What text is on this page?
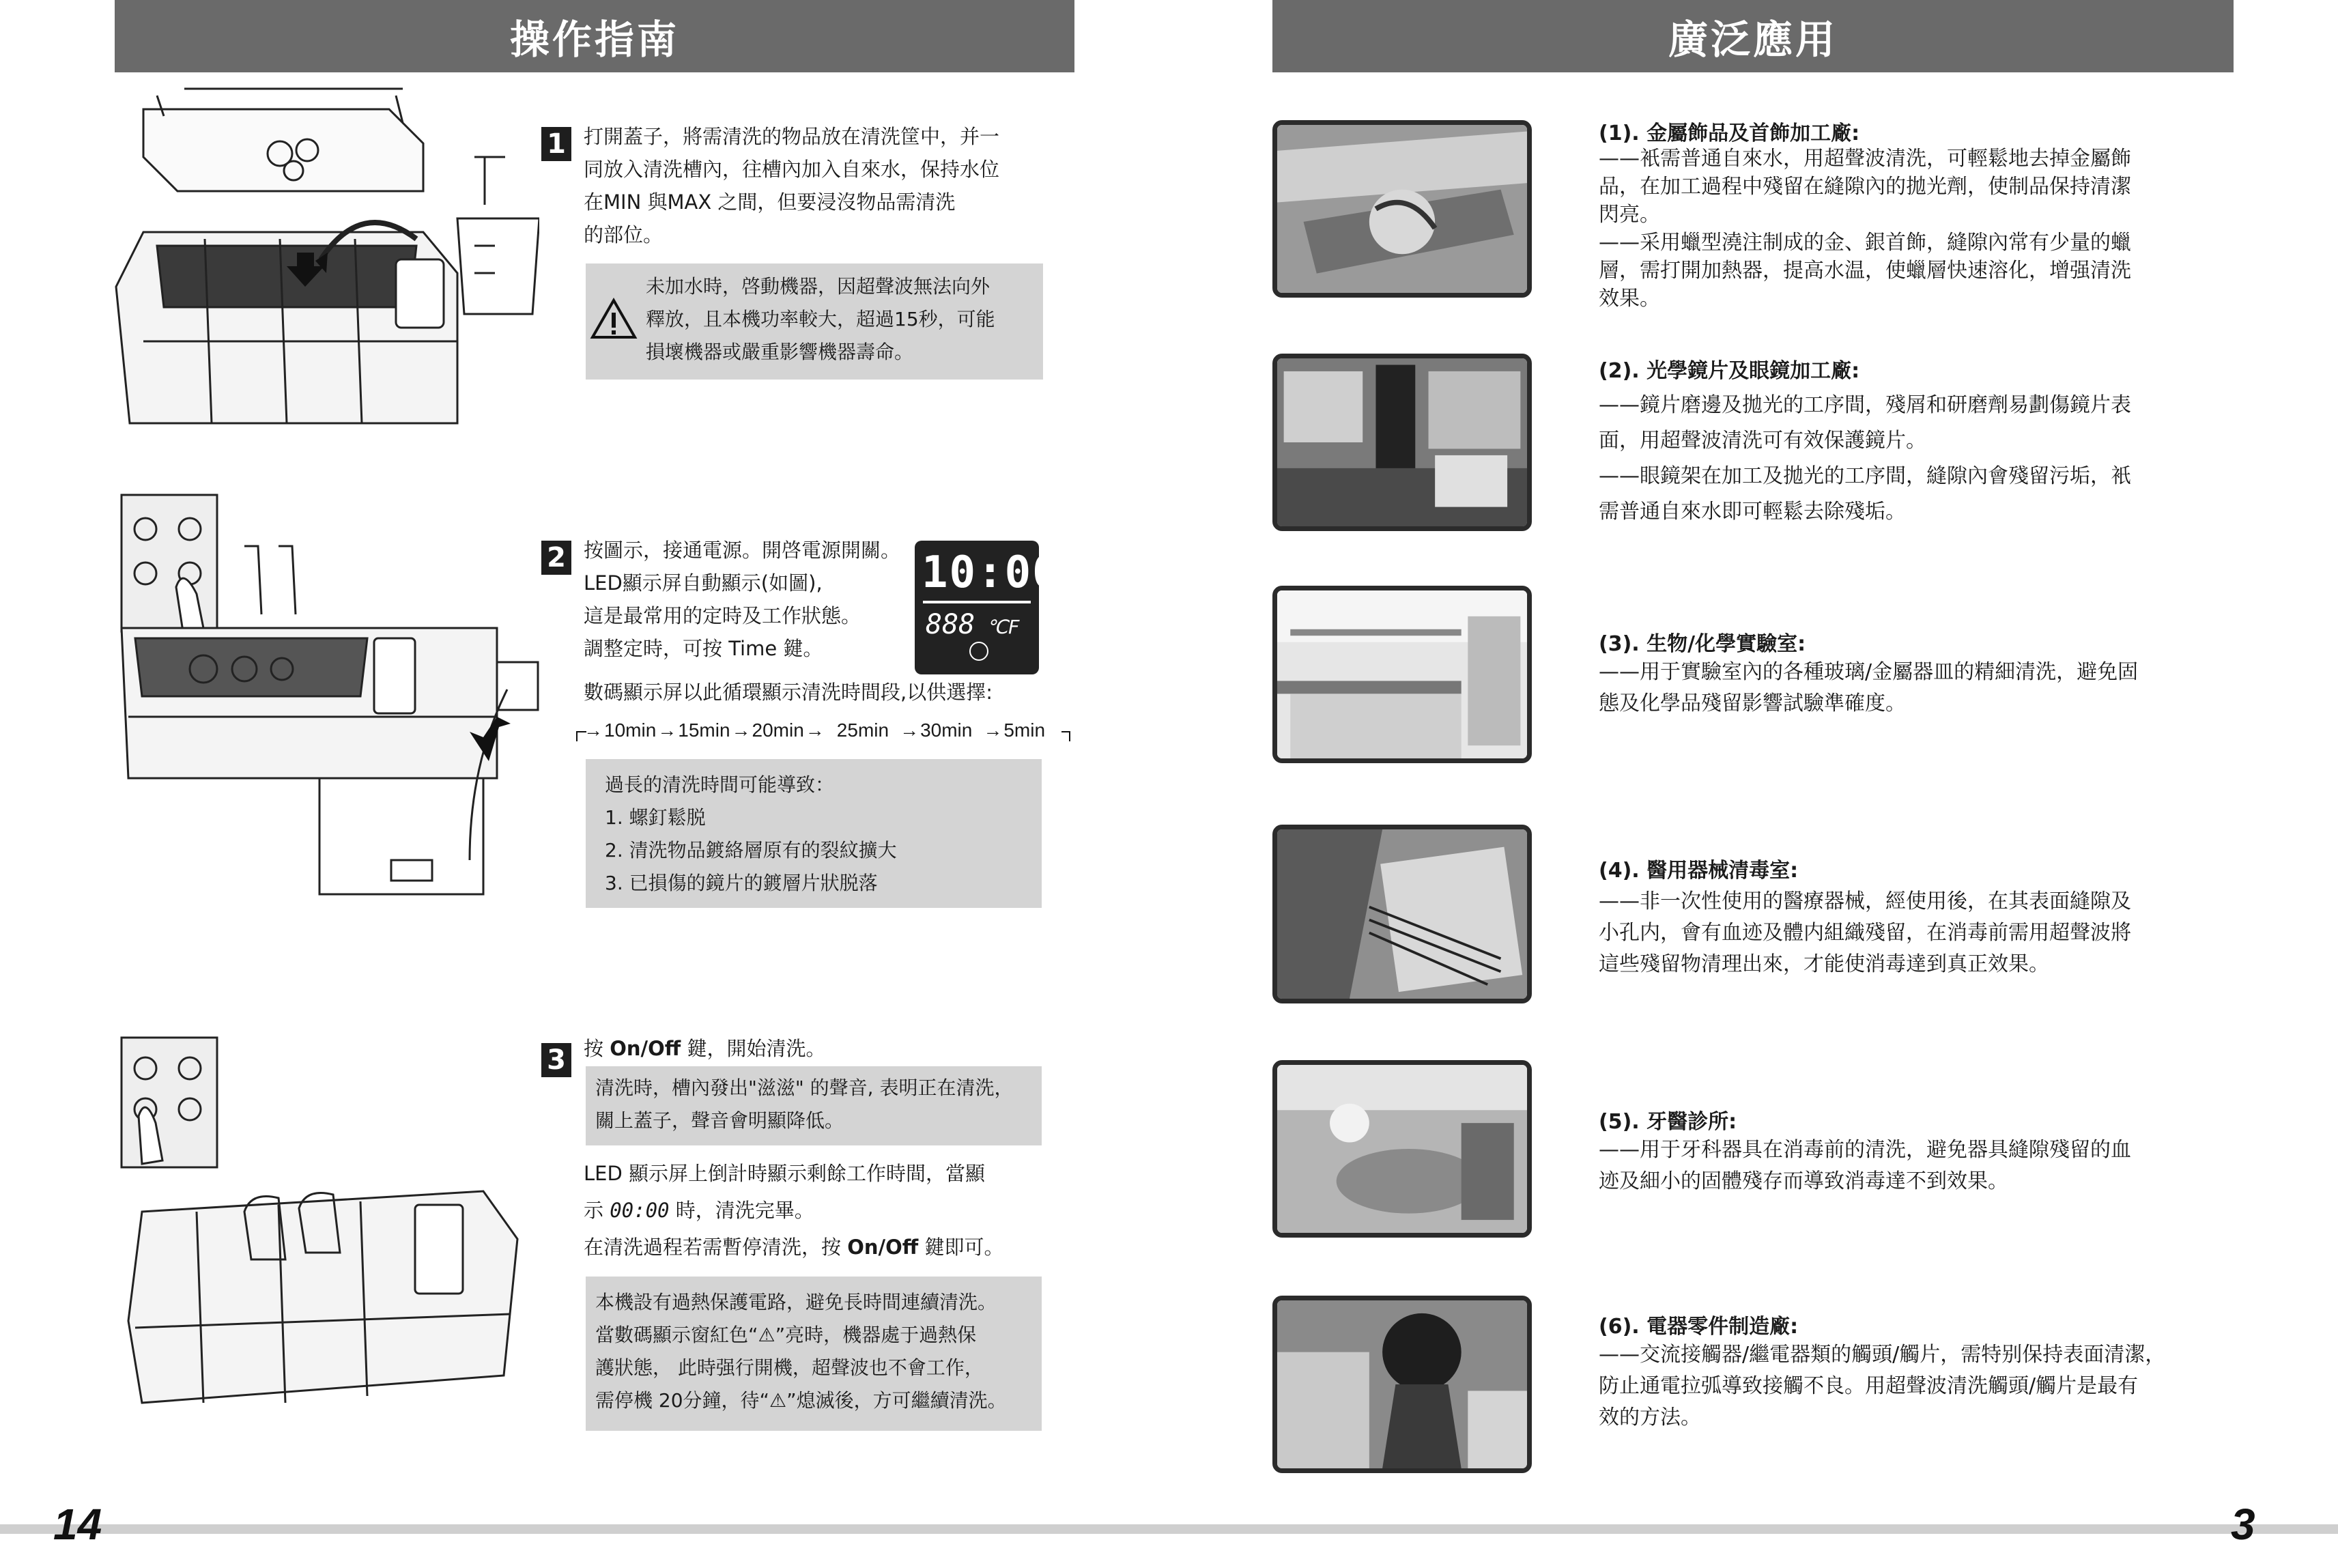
操作指南
1 打開蓋子，將需清洗的物品放在清洗筐中，并一

同放入清洗槽內，往槽內加入自來水，保持水位

在MIN 與MAX 之間，但要浸沒物品需清洗

的部位。

未加水時，啓動機器，因超聲波無法向外

釋放，且本機功率較大，超過15秒，可能

損壞機器或嚴重影響機器壽命。

2 按圖示，接通電源。開啓電源開關。

LED顯示屏自動顯示(如圖),

這是最常用的定時及工作狀態。

調整定時，可按 Time 鍵。

數碼顯示屏以此循環顯示清洗時間段,以供選擇:
10:00
888 ℃F
→ 10min → 15min → 20min → 25min → 30min → 5min

過長的清洗時間可能導致：

1. 螺釘鬆脱

2. 清洗物品鍍絡層原有的裂紋擴大

3. 已損傷的鏡片的鍍層片狀脱落

3 按 On/Off 鍵，開始清洗。

清洗時，槽內發出"滋滋" 的聲音, 表明正在清洗，

關上蓋子，聲音會明顯降低。

LED 顯示屏上倒計時顯示剩餘工作時間，當顯

示 00:00 時，清洗完畢。

在清洗過程若需暫停清洗，按 On/Off 鍵即可。

本機設有過熱保護電路，避免長時間連續清洗。

當數碼顯示窗紅色“⚠”亮時，機器處于過熱保

護狀態， 此時强行開機，超聲波也不會工作，

需停機 20分鐘，待“⚠”熄滅後，方可繼續清洗。

廣泛應用
(1). 金屬飾品及首飾加工廠:

——衹需普通自來水，用超聲波清洗，可輕鬆地去掉金屬飾

品，在加工過程中殘留在縫隙內的拋光劑，使制品保持清潔

閃亮。

——采用蠟型澆注制成的金、銀首飾，縫隙內常有少量的蠟

層，需打開加熱器，提高水温，使蠟層快速溶化，增强清洗

效果。

(2). 光學鏡片及眼鏡加工廠:

——鏡片磨邊及拋光的工序間，殘屑和研磨劑易劃傷鏡片表

面，用超聲波清洗可有效保護鏡片。

——眼鏡架在加工及拋光的工序間，縫隙內會殘留污垢，衹

需普通自來水即可輕鬆去除殘垢。

(3). 生物/化學實驗室:

——用于實驗室內的各種玻璃/金屬器皿的精細清洗，避免固

態及化學品殘留影響試驗準確度。

(4). 醫用器械清毒室:

——非一次性使用的醫療器械，經使用後，在其表面縫隙及

小孔内，會有血迹及體内組織殘留，在消毒前需用超聲波將

這些殘留物清理出來，才能使消毒達到真正效果。

(5). 牙醫診所:

——用于牙科器具在消毒前的清洗，避免器具縫隙殘留的血

迹及細小的固體殘存而導致消毒達不到效果。

(6). 電器零件制造廠:

——交流接觸器/繼電器類的觸頭/觸片，需特别保持表面清潔，

防止通電拉弧導致接觸不良。用超聲波清洗觸頭/觸片是最有

效的方法。

14	3
